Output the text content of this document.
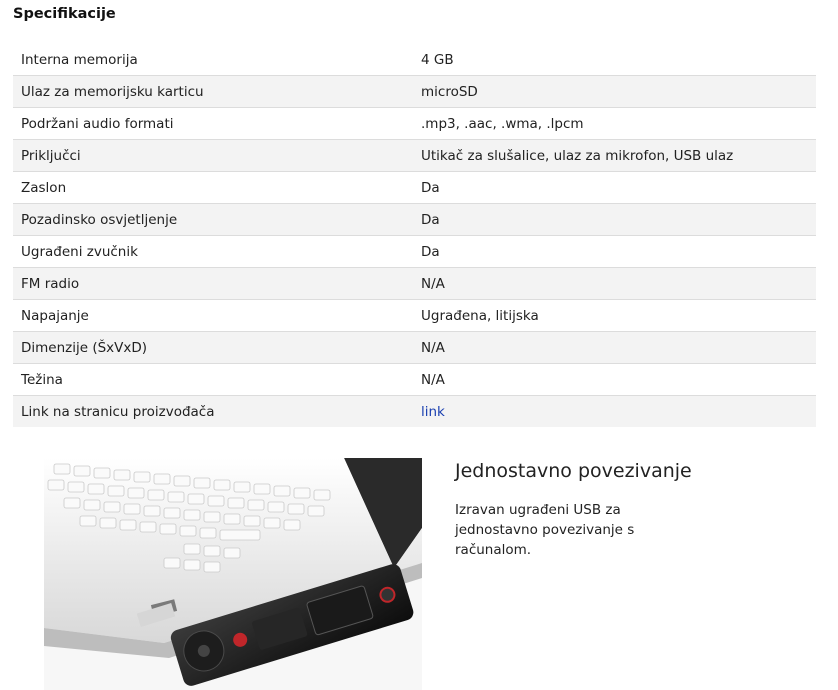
Specifikacije
Interna memorija	4 GB
Ulaz za memorijsku karticu	microSD
Podržani audio formati	.mp3, .aac, .wma, .lpcm
Priključci	Utikač za slušalice, ulaz za mikrofon, USB ulaz
Zaslon	Da
Pozadinsko osvjetljenje	Da
Ugrađeni zvučnik	Da
FM radio	N/A
Napajanje	Ugrađena, litijska
Dimenzije (ŠxVxD)	N/A
Težina	N/A
Link na stranicu proizvođača	link
Jednostavno povezivanje

Izravan ugrađeni USB za jednostavno povezivanje s računalom.
